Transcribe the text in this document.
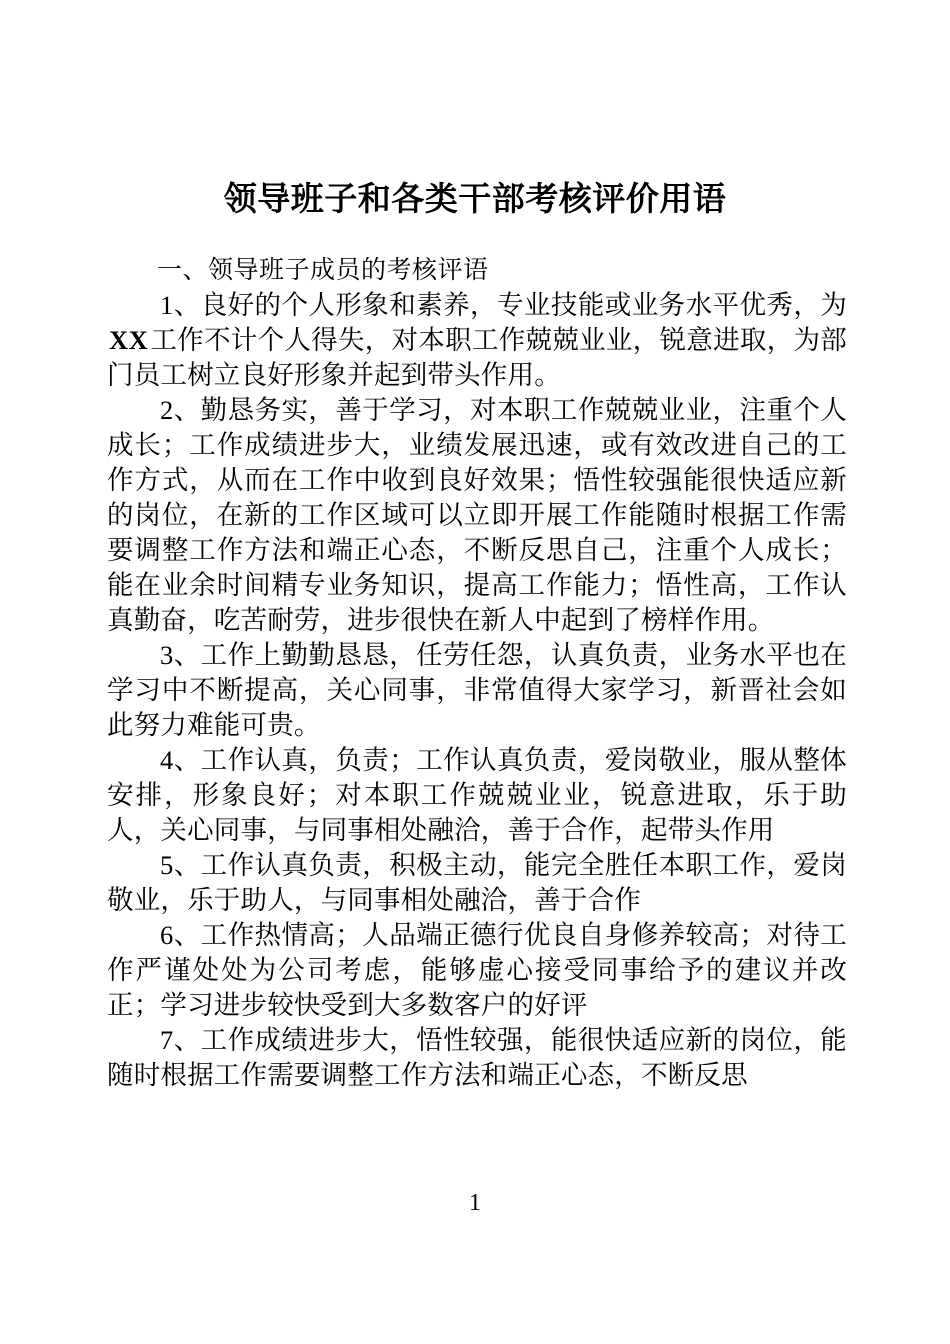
领导班子和各类干部考核评价用语
一、领导班子成员的考核评语

1、良好的个人形象和素养，专业技能或业务水平优秀，为XX工作不计个人得失，对本职工作兢兢业业，锐意进取，为部门员工树立良好形象并起到带头作用。

2、勤恳务实，善于学习，对本职工作兢兢业业，注重个人成长；工作成绩进步大，业绩发展迅速，或有效改进自己的工作方式，从而在工作中收到良好效果；悟性较强能很快适应新的岗位，在新的工作区域可以立即开展工作能随时根据工作需要调整工作方法和端正心态，不断反思自己，注重个人成长；能在业余时间精专业务知识，提高工作能力；悟性高，工作认真勤奋，吃苦耐劳，进步很快在新人中起到了榜样作用。

3、工作上勤勤恳恳，任劳任怨，认真负责，业务水平也在学习中不断提高，关心同事，非常值得大家学习，新晋社会如此努力难能可贵。

4、工作认真，负责；工作认真负责，爱岗敬业，服从整体安排，形象良好；对本职工作兢兢业业，锐意进取，乐于助人，关心同事，与同事相处融洽，善于合作，起带头作用

5、工作认真负责，积极主动，能完全胜任本职工作，爱岗敬业，乐于助人，与同事相处融洽，善于合作

6、工作热情高；人品端正德行优良自身修养较高；对待工作严谨处处为公司考虑，能够虚心接受同事给予的建议并改正；学习进步较快受到大多数客户的好评

7、工作成绩进步大，悟性较强，能很快适应新的岗位，能随时根据工作需要调整工作方法和端正心态，不断反思

1
